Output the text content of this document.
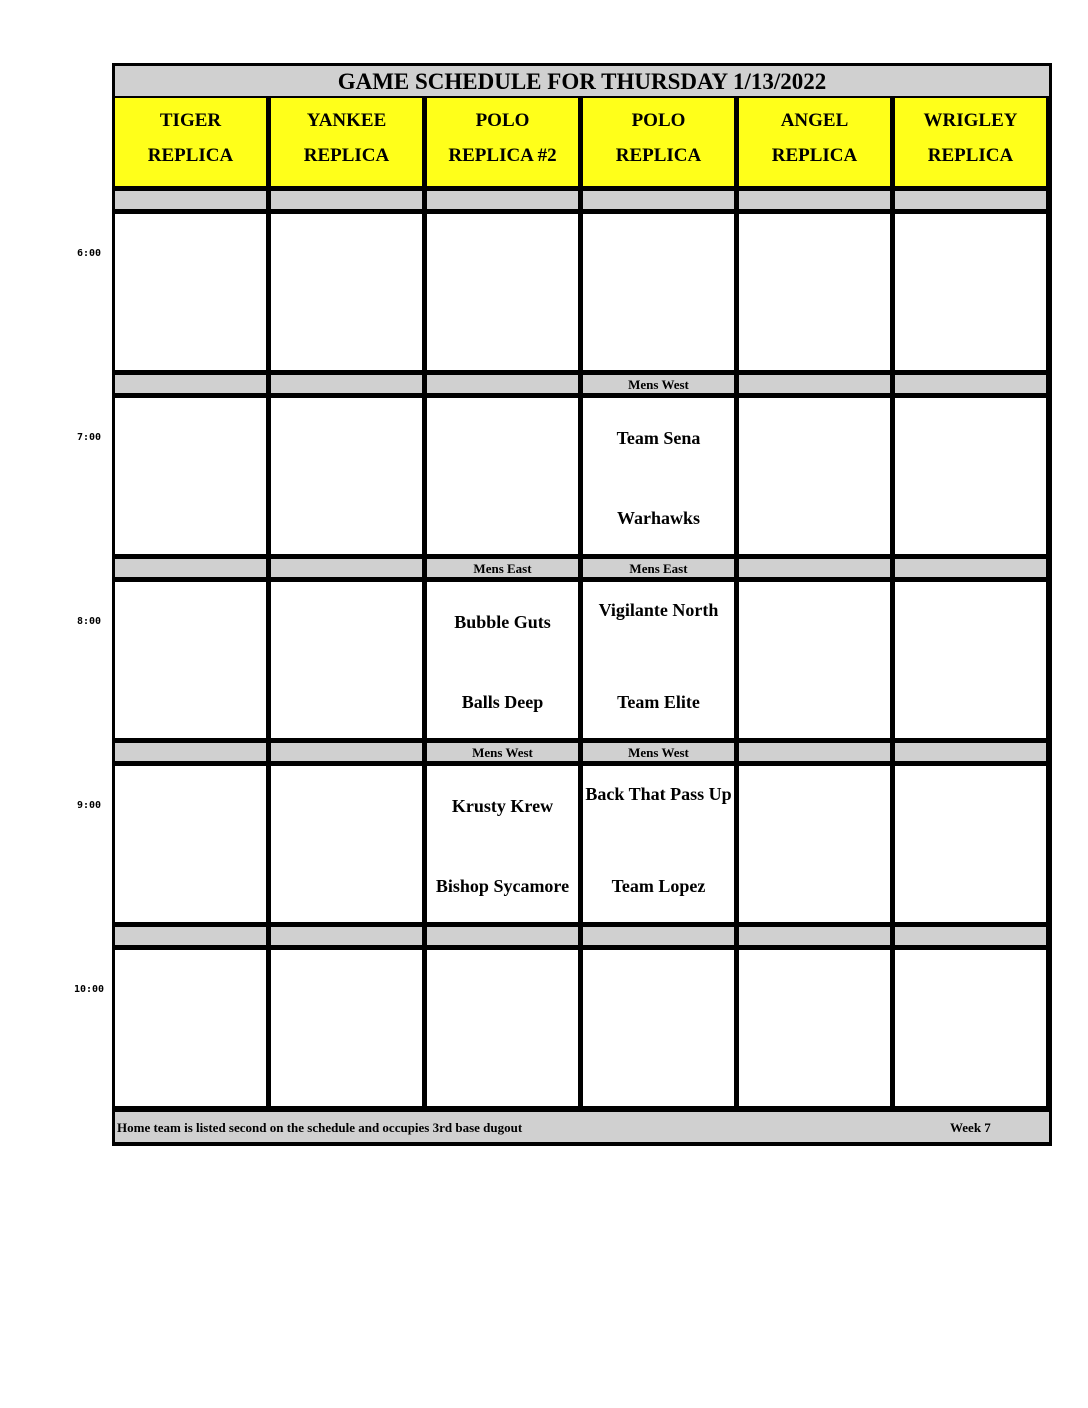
GAME SCHEDULE FOR THURSDAY 1/13/2022
TIGER
REPLICA
YANKEE
REPLICA
POLO
REPLICA #2
POLO
REPLICA
ANGEL
REPLICA
WRIGLEY
REPLICA
Mens West
Team Sena
Warhawks
Mens East
Bubble Guts
Balls Deep
Mens East
Vigilante North
Team Elite
Mens West
Krusty Krew
Bishop Sycamore
Mens West
Back That Pass Up
Team Lopez
Home team is listed second on the schedule and occupies 3rd base dugout	Week 7
6:00
7:00
8:00
9:00
10:00
